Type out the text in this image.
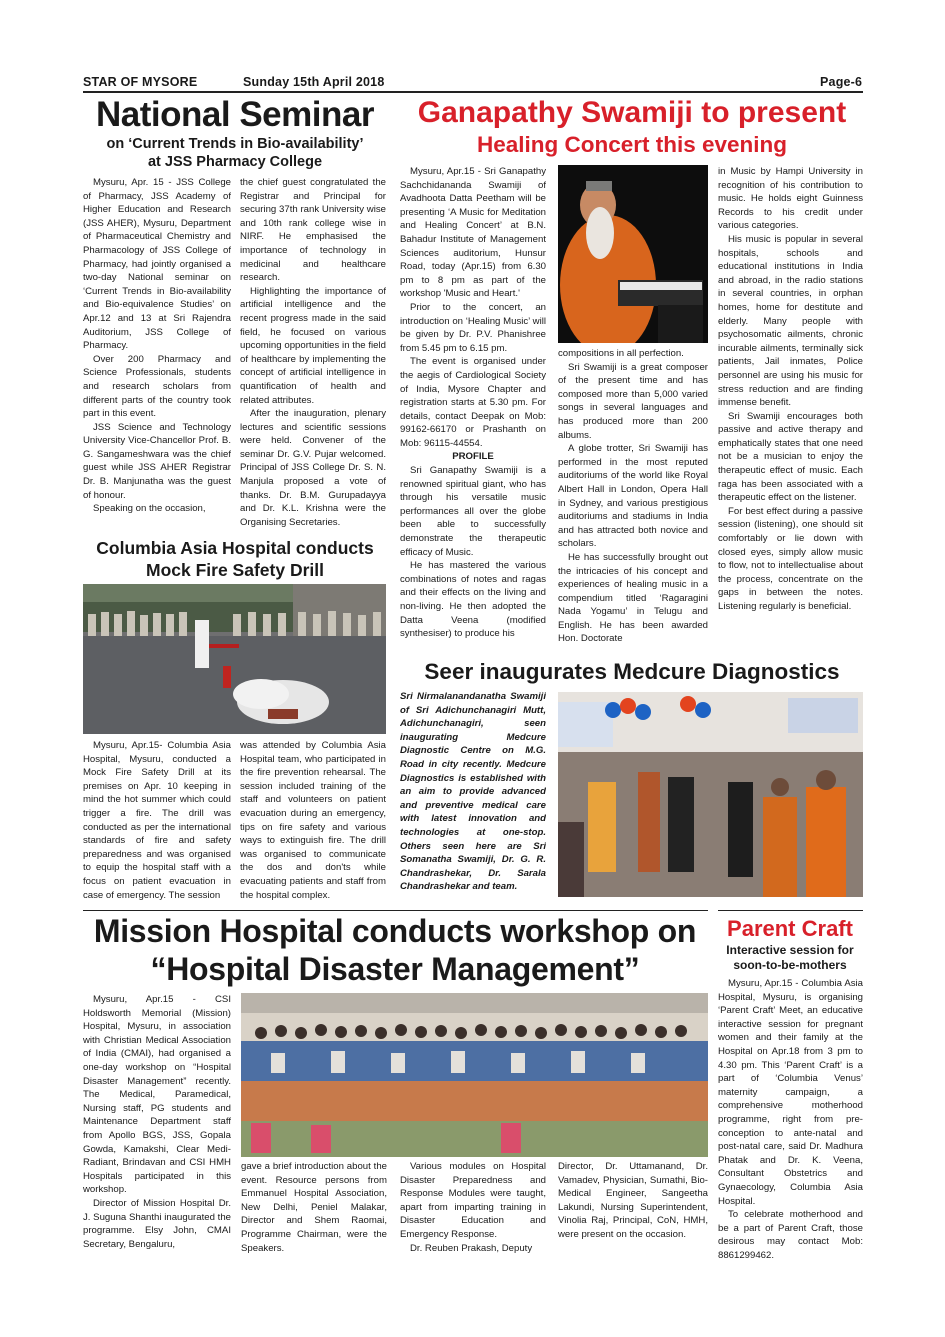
STAR OF MYSORE	Sunday 15th April 2018	Page-6
National Seminar
on ‘Current Trends in Bio-availability’
at JSS Pharmacy College

Mysuru, Apr. 15 - JSS College of Pharmacy, JSS Academy of Higher Education and Research (JSS AHER), Mysuru, Department of Pharmaceutical Chemistry and Pharmacology of JSS College of Pharmacy, had jointly organised a two-day National seminar on ‘Current Trends in Bio-availability and Bio-equivalence Studies’ on Apr.12 and 13 at Sri Rajendra Auditorium, JSS College of Pharmacy.

Over 200 Pharmacy and Science Professionals, students and research scholars from different parts of the country took part in this event.

JSS Science and Technology University Vice-Chancellor Prof. B. G. Sangameshwara was the chief guest while JSS AHER Registrar Dr. B. Manjunatha was the guest of honour.

Speaking on the occasion,

the chief guest congratulated the Registrar and Principal for securing 37th rank University wise and 10th rank college wise in NIRF. He emphasised the importance of technology in medicinal and healthcare research.

Highlighting the importance of artificial intelligence and the recent progress made in the said field, he focused on various upcoming opportunities in the field of healthcare by implementing the concept of artificial intelligence in quantification of health and related attributes.

After the inauguration, plenary lectures and scientific sessions were held. Convener of the seminar Dr. G.V. Pujar welcomed. Principal of JSS College Dr. S. N. Manjula proposed a vote of thanks. Dr. B.M. Gurupadayya and Dr. K.L. Krishna were the Organising Secretaries.

Columbia Asia Hospital conducts
Mock Fire Safety Drill

Mysuru, Apr.15- Columbia Asia Hospital, Mysuru, conducted a Mock Fire Safety Drill at its premises on Apr. 10 keeping in mind the hot summer which could trigger a fire. The drill was conducted as per the international standards of fire and safety preparedness and was organised to equip the hospital staff with a focus on patient evacuation in case of emergency. The session

was attended by Columbia Asia Hospital team, who participated in the fire prevention rehearsal. The session included training of the staff and volunteers on patient evacuation during an emergency, tips on fire safety and various ways to extinguish fire. The drill was organised to communicate the dos and don'ts while evacuating patients and staff from the hospital complex.

Ganapathy Swamiji to present
Healing Concert this evening

Mysuru, Apr.15 - Sri Ganapathy Sachchidananda Swamiji of Avadhoota Datta Peetham will be presenting ‘A Music for Meditation and Healing Concert’ at B.N. Bahadur Institute of Management Sciences auditorium, Hunsur Road, today (Apr.15) from 6.30 pm to 8 pm as part of the workshop 'Music and Heart.'

Prior to the concert, an introduction on ‘Healing Music’ will be given by Dr. P.V. Phanishree from 5.45 pm to 6.15 pm.

The event is organised under the aegis of Cardiological Society of India, Mysore Chapter and registration starts at 5.30 pm. For details, contact Deepak on Mob: 99162-66170 or Prashanth on Mob: 96115-44554.

PROFILE

Sri Ganapathy Swamiji is a renowned spiritual giant, who has through his versatile music performances all over the globe been able to successfully demonstrate the therapeutic efficacy of Music.

He has mastered the various combinations of notes and ragas and their effects on the living and non-living. He then adopted the Datta Veena (modified synthesiser) to produce his

compositions in all perfection.

Sri Swamiji is a great composer of the present time and has composed more than 5,000 varied songs in several languages and has produced more than 200 albums.

A globe trotter, Sri Swamiji has performed in the most reputed auditoriums of the world like Royal Albert Hall in London, Opera Hall in Sydney, and various prestigious auditoriums and stadiums in India and has attracted both novice and scholars.

He has successfully brought out the intricacies of his concept and experiences of healing music in a compendium titled ‘Ragaragini Nada Yogamu’ in Telugu and English. He has been awarded Hon. Doctorate

in Music by Hampi University in recognition of his contribution to music. He holds eight Guinness Records to his credit under various categories.

His music is popular in several hospitals, schools and educational institutions in India and abroad, in the radio stations in several countries, in orphan homes, home for destitute and elderly. Many people with psychosomatic ailments, chronic incurable ailments, terminally sick patients, Jail inmates, Police personnel are using his music for stress reduction and are finding immense benefit.

Sri Swamiji encourages both passive and active therapy and emphatically states that one need not be a musician to enjoy the therapeutic effect of music. Each raga has been associated with a therapeutic effect on the listener.

For best effect during a passive session (listening), one should sit comfortably or lie down with closed eyes, simply allow music to flow, not to intellectualise about the process, concentrate on the gaps in between the notes. Listening regularly is beneficial.

Seer inaugurates Medcure Diagnostics

Sri Nirmalanandanatha Swamiji of Sri Adichunchanagiri Mutt, Adichunchanagiri, seen inaugurating Medcure Diagnostic Centre on M.G. Road in city recently. Medcure Diagnostics is established with an aim to provide advanced and preventive medical care with latest innovation and technologies at one-stop. Others seen here are Sri Somanatha Swamiji, Dr. G. R. Chandrashekar, Dr. Sarala Chandrashekar and team.

Mission Hospital conducts workshop on
“Hospital Disaster Management”

Mysuru, Apr.15 - CSI Holdsworth Memorial (Mission) Hospital, Mysuru, in association with Christian Medical Association of India (CMAI), had organised a one-day workshop on “Hospital Disaster Management” recently. The Medical, Paramedical, Nursing staff, PG students and Maintenance Department staff from Apollo BGS, JSS, Gopala Gowda, Kamakshi, Clear Medi-Radiant, Brindavan and CSI HMH Hospitals participated in this workshop.

Director of Mission Hospital Dr. J. Suguna Shanthi inaugurated the programme. Elsy John, CMAI Secretary, Bengaluru,

gave a brief introduction about the event. Resource persons from Emmanuel Hospital Association, New Delhi, Peniel Malakar, Director and Shem Raomai, Programme Chairman, were the Speakers.

Various modules on Hospital Disaster Preparedness and Response Modules were taught, apart from imparting training in Disaster Education and Emergency Response.

Dr. Reuben Prakash, Deputy

Director, Dr. Uttamanand, Dr. Vamadev, Physician, Sumathi, Bio-Medical Engineer, Sangeetha Lakundi, Nursing Superintendent, Vinolia Raj, Principal, CoN, HMH, were present on the occasion.

Parent Craft
Interactive session for
soon-to-be-mothers

Mysuru, Apr.15 - Columbia Asia Hospital, Mysuru, is organising ‘Parent Craft’ Meet, an educative interactive session for pregnant women and their family at the Hospital on Apr.18 from 3 pm to 4.30 pm. This ‘Parent Craft’ is a part of ‘Columbia Venus’ maternity campaign, a comprehensive motherhood programme, right from pre-conception to ante-natal and post-natal care, said Dr. Madhura Phatak and Dr. K. Veena, Consultant Obstetrics and Gynaecology, Columbia Asia Hospital.

To celebrate motherhood and be a part of Parent Craft, those desirous may contact Mob: 8861299462.
